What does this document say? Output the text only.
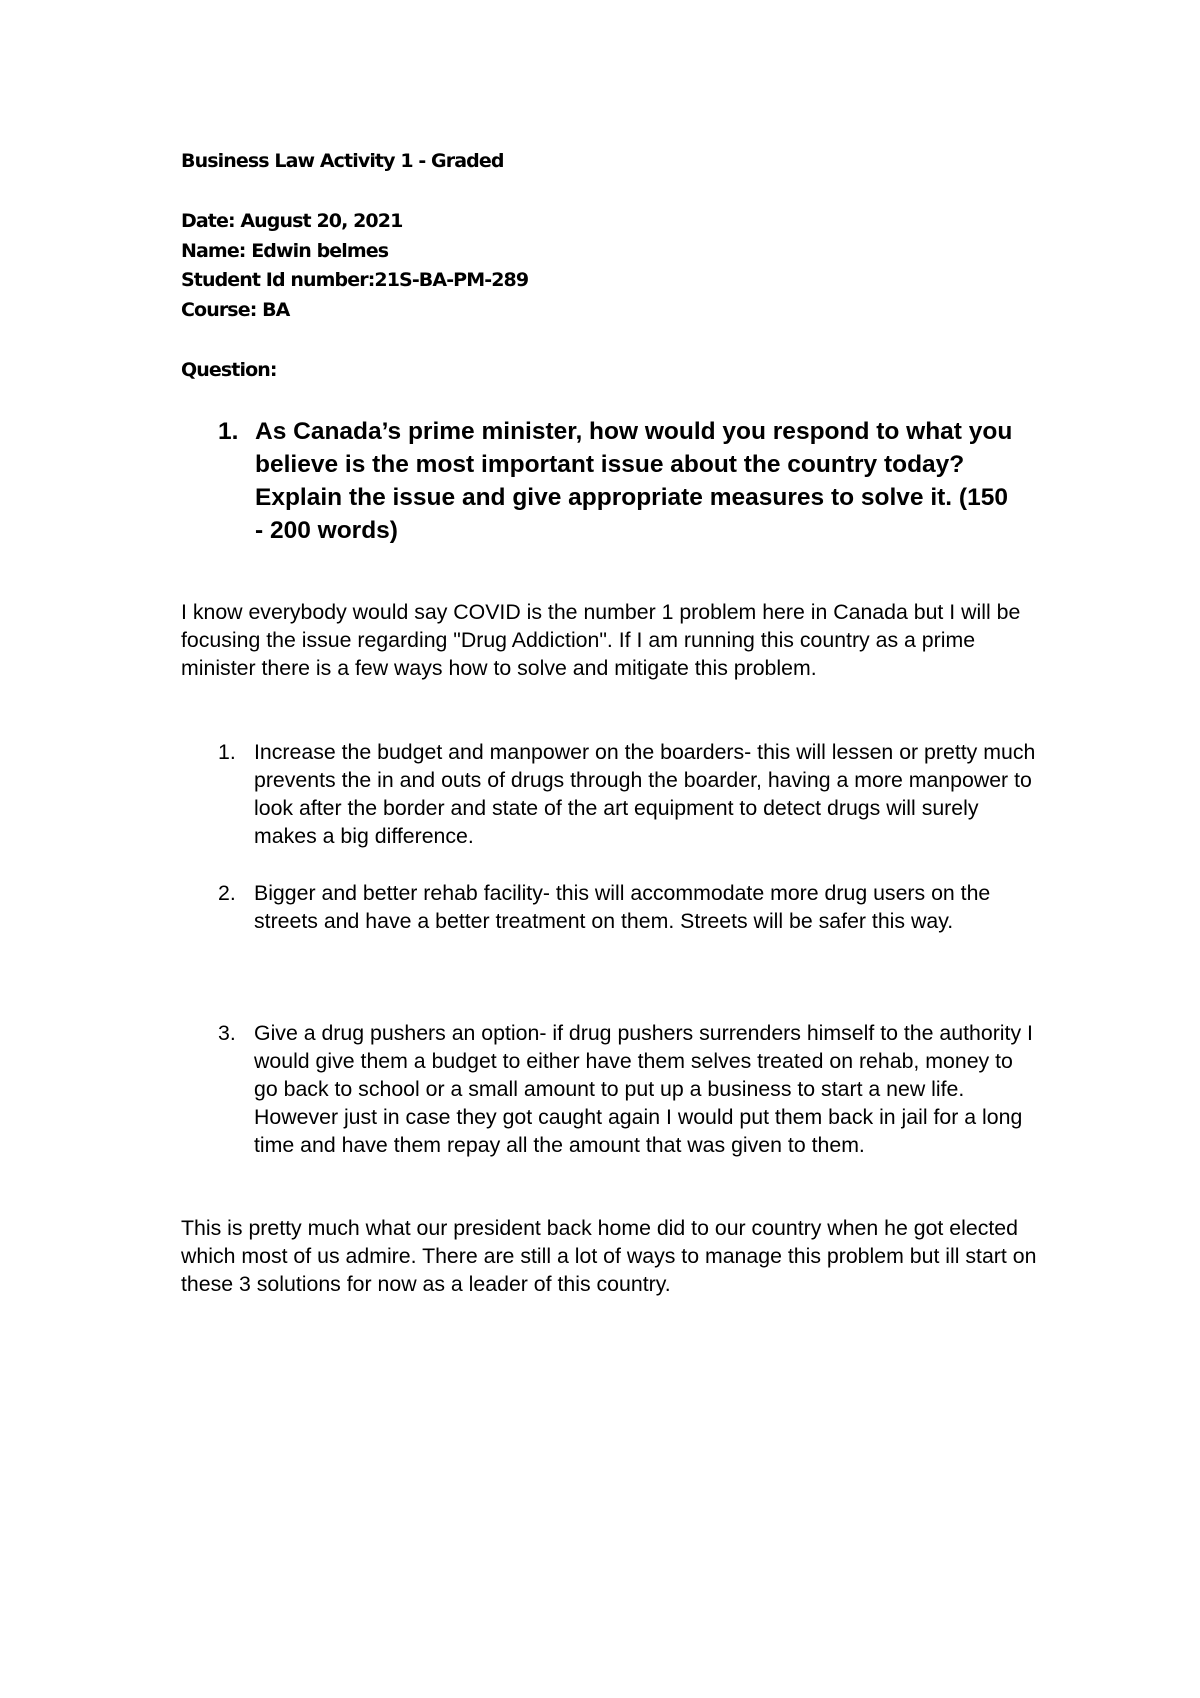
Business Law Activity 1 - Graded
Date: August 20, 2021
Name: Edwin belmes
Student Id number:21S-BA-PM-289
Course: BA
Question:
1. As Canada’s prime minister, how would you respond to what you believe is the most important issue about the country today? Explain the issue and give appropriate measures to solve it. (150 - 200 words)
I know everybody would say COVID is the number 1 problem here in Canada but I will be focusing the issue regarding "Drug Addiction". If I am running this country as a prime minister there is a few ways how to solve and mitigate this problem.
1. Increase the budget and manpower on the boarders- this will lessen or pretty much prevents the in and outs of drugs through the boarder, having a more manpower to look after the border and state of the art equipment to detect drugs will surely makes a big difference.
2. Bigger and better rehab facility- this will accommodate more drug users on the streets and have a better treatment on them. Streets will be safer this way.
3. Give a drug pushers an option- if drug pushers surrenders himself to the authority I would give them a budget to either have them selves treated on rehab, money to go back to school or a small amount to put up a business to start a new life. However just in case they got caught again I would put them back in jail for a long time and have them repay all the amount that was given to them.
This is pretty much what our president back home did to our country when he got elected which most of us admire. There are still a lot of ways to manage this problem but ill start on these 3 solutions for now as a leader of this country.
